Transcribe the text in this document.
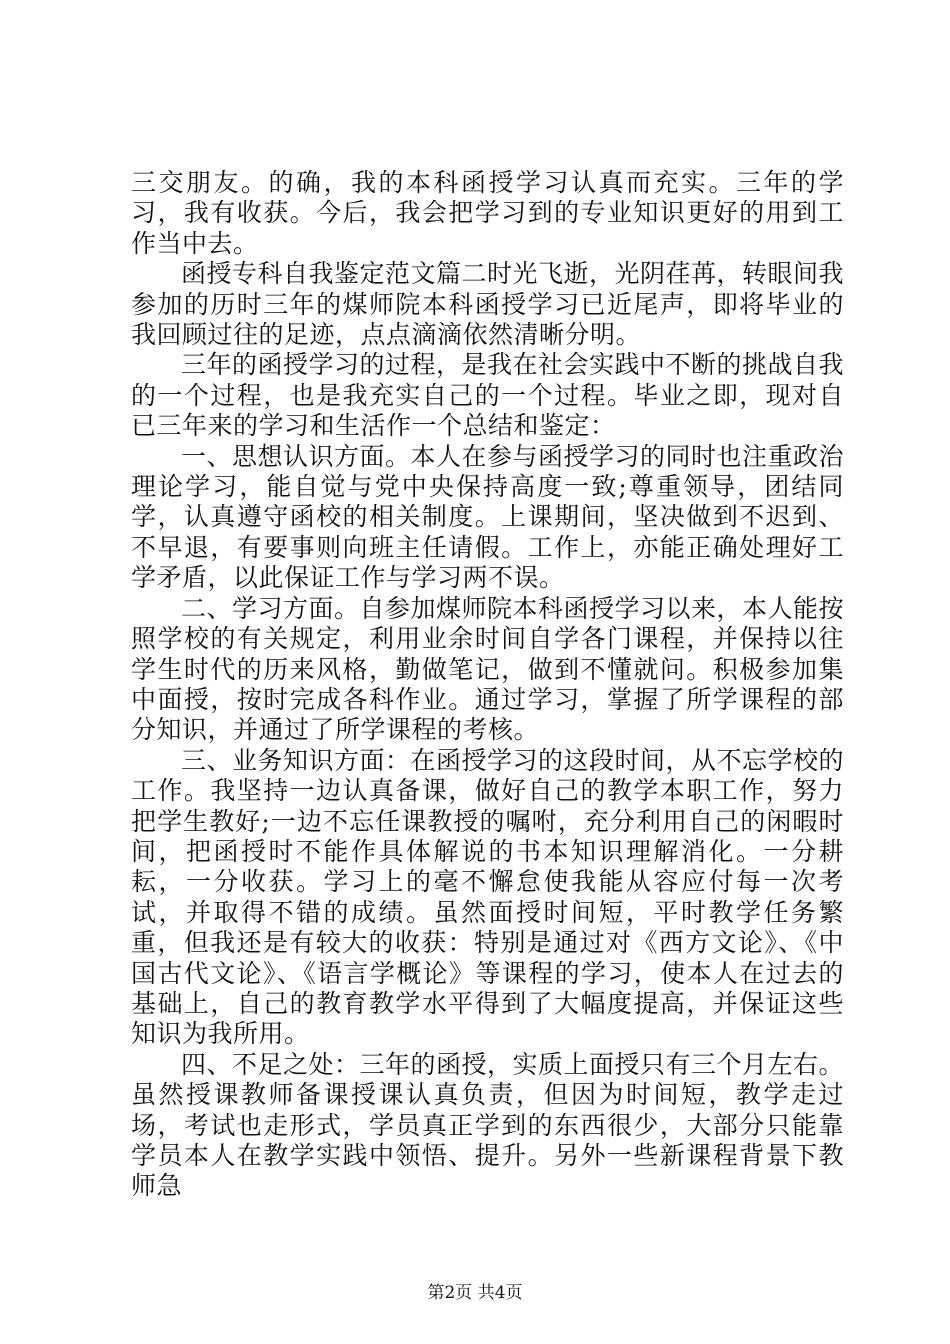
三交朋友。的确，我的本科函授学习认真而充实。三年的学习，我有收获。今后，我会把学习到的专业知识更好的用到工作当中去。

函授专科自我鉴定范文篇二时光飞逝，光阴荏苒，转眼间我参加的历时三年的煤师院本科函授学习已近尾声，即将毕业的我回顾过往的足迹，点点滴滴依然清晰分明。

三年的函授学习的过程，是我在社会实践中不断的挑战自我的一个过程，也是我充实自己的一个过程。毕业之即，现对自已三年来的学习和生活作一个总结和鉴定：

一、思想认识方面。本人在参与函授学习的同时也注重政治理论学习，能自觉与党中央保持高度一致;尊重领导，团结同学，认真遵守函校的相关制度。上课期间，坚决做到不迟到、不早退，有要事则向班主任请假。工作上，亦能正确处理好工学矛盾，以此保证工作与学习两不误。

二、学习方面。自参加煤师院本科函授学习以来，本人能按照学校的有关规定，利用业余时间自学各门课程，并保持以往学生时代的历来风格，勤做笔记，做到不懂就问。积极参加集中面授，按时完成各科作业。通过学习，掌握了所学课程的部分知识，并通过了所学课程的考核。

三、业务知识方面：在函授学习的这段时间，从不忘学校的工作。我坚持一边认真备课，做好自己的教学本职工作，努力把学生教好;一边不忘任课教授的嘱咐，充分利用自己的闲暇时间，把函授时不能作具体解说的书本知识理解消化。一分耕耘，一分收获。学习上的毫不懈怠使我能从容应付每一次考试，并取得不错的成绩。虽然面授时间短，平时教学任务繁重，但我还是有较大的收获：特别是通过对《西方文论》、《中国古代文论》、《语言学概论》等课程的学习，使本人在过去的基础上，自己的教育教学水平得到了大幅度提高，并保证这些知识为我所用。

四、不足之处：三年的函授，实质上面授只有三个月左右。虽然授课教师备课授课认真负责，但因为时间短，教学走过场，考试也走形式，学员真正学到的东西很少，大部分只能靠学员本人在教学实践中领悟、提升。另外一些新课程背景下教师急

第2页 共4页
